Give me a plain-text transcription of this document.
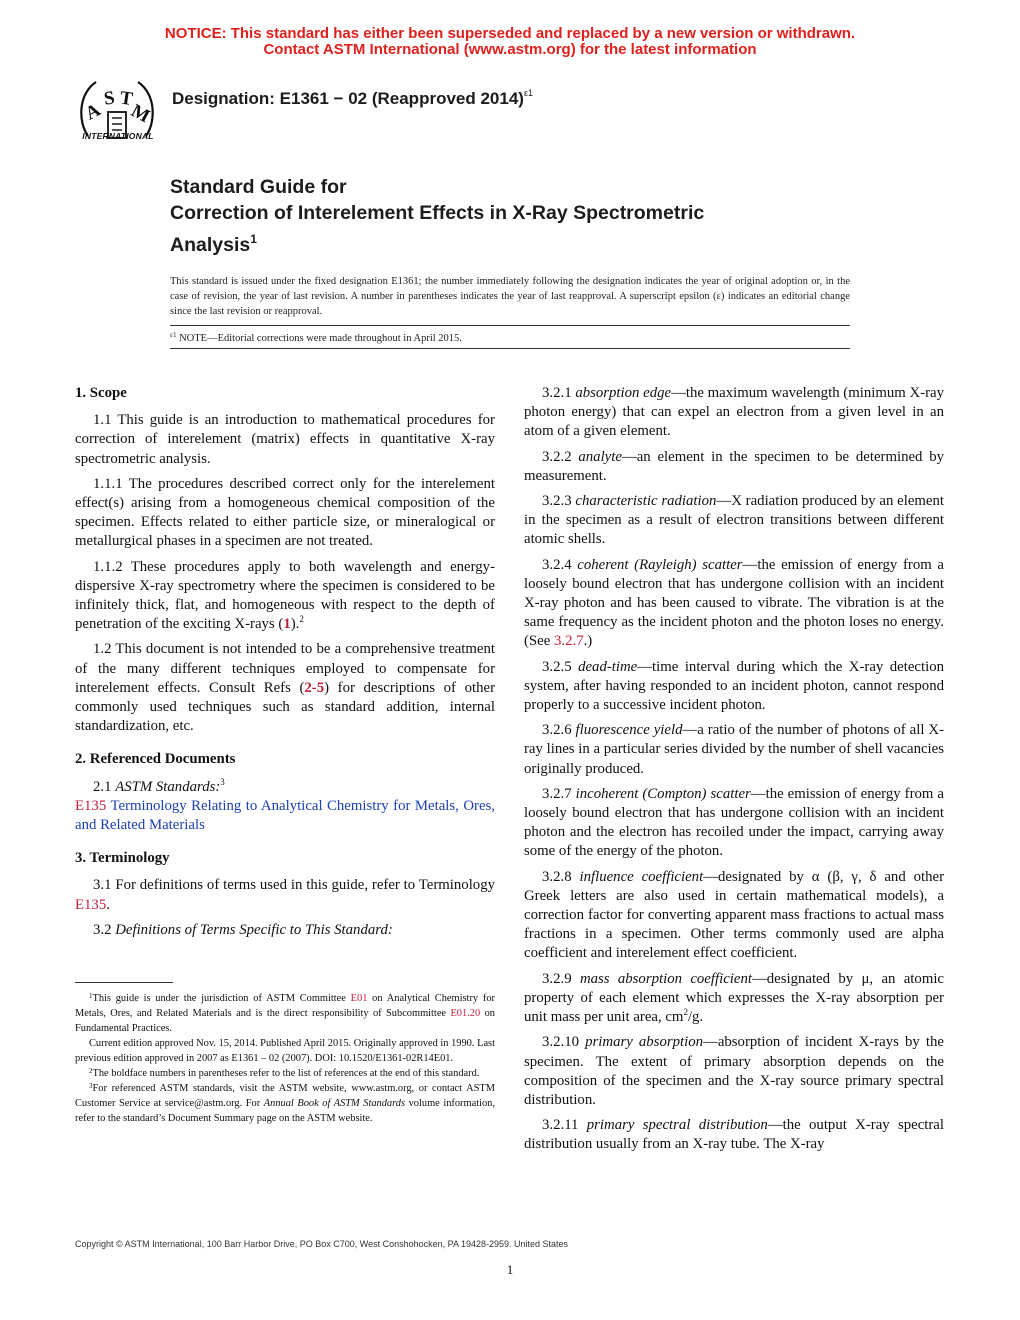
NOTICE: This standard has either been superseded and replaced by a new version or withdrawn.
Contact ASTM International (www.astm.org) for the latest information
A
S T
M
INTERNATIONAL
Designation: E1361 − 02 (Reapproved 2014)$^{\varepsilon 1}$
Standard Guide for
Correction of Interelement Effects in X-Ray Spectrometric
Analysis$^1$
This standard is issued under the fixed designation E1361; the number immediately following the designation indicates the year of original adoption or, in the case of revision, the year of last revision. A number in parentheses indicates the year of last reapproval. A superscript epsilon (ε) indicates an editorial change since the last revision or reapproval.
$^{\varepsilon 1}$ NOTE—Editorial corrections were made throughout in April 2015.
1. Scope

1.1 This guide is an introduction to mathematical procedures for correction of interelement (matrix) effects in quantitative X-ray spectrometric analysis.

1.1.1 The procedures described correct only for the interelement effect(s) arising from a homogeneous chemical composition of the specimen. Effects related to either particle size, or mineralogical or metallurgical phases in a specimen are not treated.

1.1.2 These procedures apply to both wavelength and energy-dispersive X-ray spectrometry where the specimen is considered to be infinitely thick, flat, and homogeneous with respect to the depth of penetration of the exciting X-rays (1).$^2$

1.2 This document is not intended to be a comprehensive treatment of the many different techniques employed to compensate for interelement effects. Consult Refs (2-5) for descriptions of other commonly used techniques such as standard addition, internal standardization, etc.

2. Referenced Documents

2.1 ASTM Standards:$^3$

E135 Terminology Relating to Analytical Chemistry for Metals, Ores, and Related Materials

3. Terminology

3.1 For definitions of terms used in this guide, refer to Terminology E135.

3.2 Definitions of Terms Specific to This Standard:

3.2.1 absorption edge—the maximum wavelength (minimum X-ray photon energy) that can expel an electron from a given level in an atom of a given element.

3.2.2 analyte—an element in the specimen to be determined by measurement.

3.2.3 characteristic radiation—X radiation produced by an element in the specimen as a result of electron transitions between different atomic shells.

3.2.4 coherent (Rayleigh) scatter—the emission of energy from a loosely bound electron that has undergone collision with an incident X-ray photon and has been caused to vibrate. The vibration is at the same frequency as the incident photon and the photon loses no energy. (See 3.2.7.)

3.2.5 dead-time—time interval during which the X-ray detection system, after having responded to an incident photon, cannot respond properly to a successive incident photon.

3.2.6 fluorescence yield—a ratio of the number of photons of all X-ray lines in a particular series divided by the number of shell vacancies originally produced.

3.2.7 incoherent (Compton) scatter—the emission of energy from a loosely bound electron that has undergone collision with an incident photon and the electron has recoiled under the impact, carrying away some of the energy of the photon.

3.2.8 influence coefficient—designated by α (β, γ, δ and other Greek letters are also used in certain mathematical models), a correction factor for converting apparent mass fractions to actual mass fractions in a specimen. Other terms commonly used are alpha coefficient and interelement effect coefficient.

3.2.9 mass absorption coefficient—designated by μ, an atomic property of each element which expresses the X-ray absorption per unit mass per unit area, $cm^2/g$.

3.2.10 primary absorption—absorption of incident X-rays by the specimen. The extent of primary absorption depends on the composition of the specimen and the X-ray source primary spectral distribution.

3.2.11 primary spectral distribution—the output X-ray spectral distribution usually from an X-ray tube. The X-ray

$^1$This guide is under the jurisdiction of ASTM Committee E01 on Analytical Chemistry for Metals, Ores, and Related Materials and is the direct responsibility of Subcommittee E01.20 on Fundamental Practices.

Current edition approved Nov. 15, 2014. Published April 2015. Originally approved in 1990. Last previous edition approved in 2007 as E1361 – 02 (2007). DOI: 10.1520/E1361-02R14E01.

$^2$The boldface numbers in parentheses refer to the list of references at the end of this standard.

$^3$For referenced ASTM standards, visit the ASTM website, www.astm.org, or contact ASTM Customer Service at service@astm.org. For Annual Book of ASTM Standards volume information, refer to the standard’s Document Summary page on the ASTM website.

Copyright © ASTM International, 100 Barr Harbor Drive, PO Box C700, West Conshohocken, PA 19428-2959. United States
1
